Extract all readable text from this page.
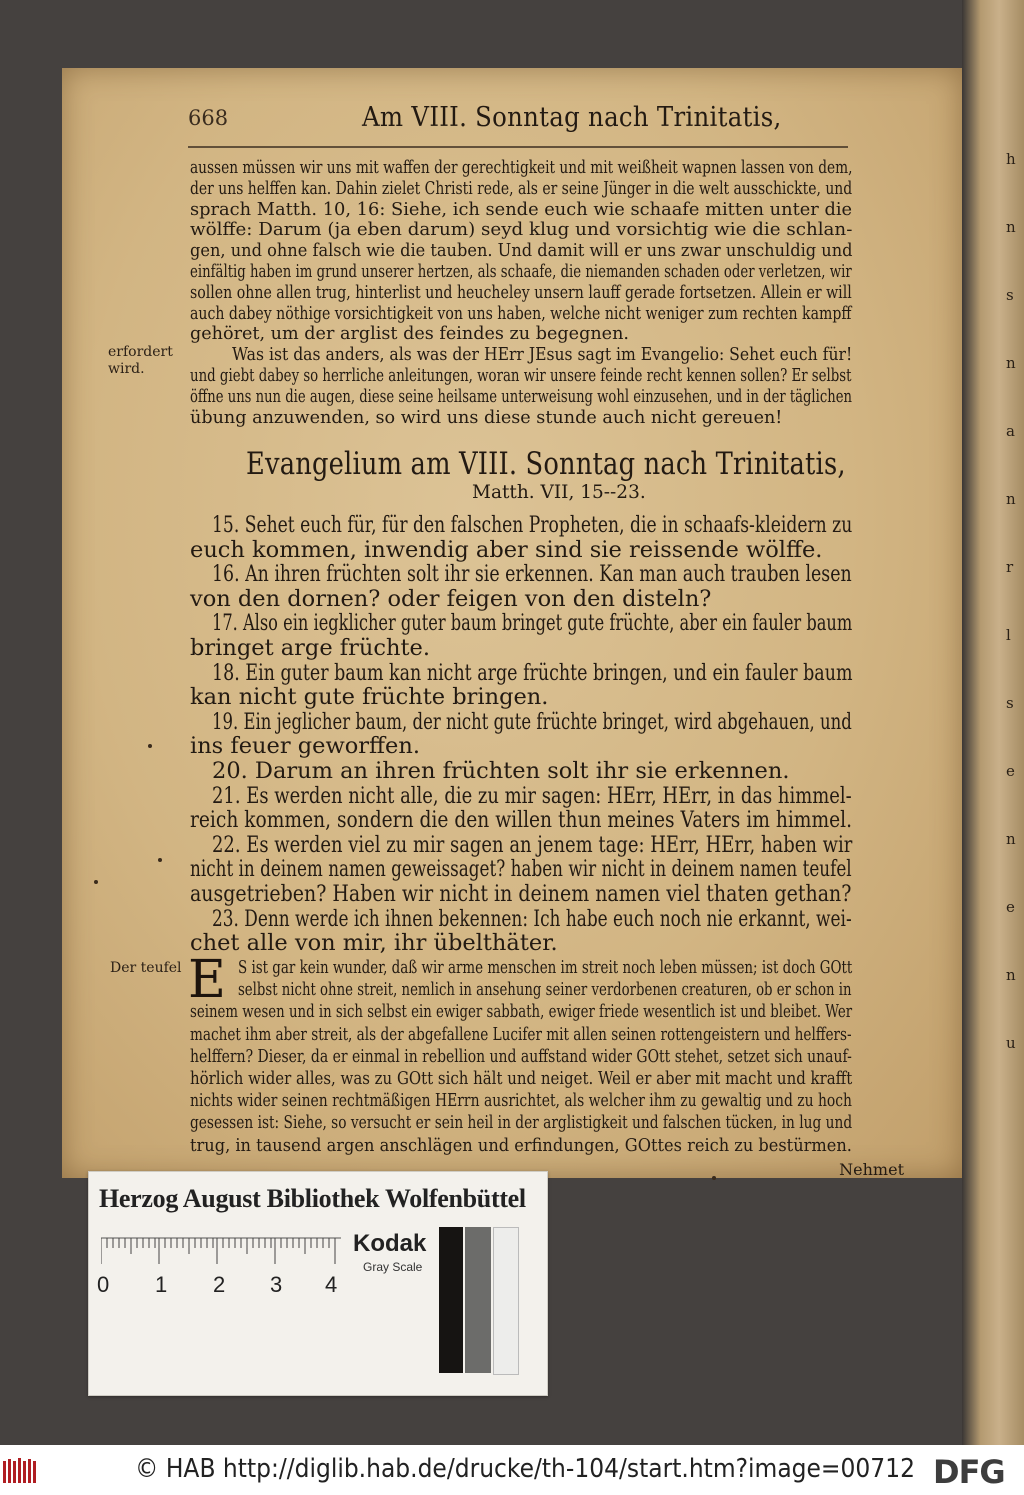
h
n
s
n
a
n
r
l
s
e
n
e
n
u
668	Am VIII. Sonntag nach Trinitatis,
erfordert
wird.
Evangelium am VIII. Sonntag nach Trinitatis,
Matth. VII, 15--23.
Der teufel E
Nehmet
aussen müssen wir uns mit waffen der gerechtigkeit und mit weißheit wapnen lassen von dem,
der uns helffen kan. Dahin zielet Christi rede, als er seine Jünger in die welt ausschickte, und
sprach Matth. 10, 16: Siehe, ich sende euch wie schaafe mitten unter die
wölffe: Darum (ja eben darum) seyd klug und vorsichtig wie die schlan-
gen, und ohne falsch wie die tauben. Und damit will er uns zwar unschuldig und
einfältig haben im grund unserer hertzen, als schaafe, die niemanden schaden oder verletzen, wir
sollen ohne allen trug, hinterlist und heucheley unsern lauff gerade fortsetzen. Allein er will
auch dabey nöthige vorsichtigkeit von uns haben, welche nicht weniger zum rechten kampff
gehöret, um der arglist des feindes zu begegnen.
Was ist das anders, als was der HErr JEsus sagt im Evangelio: Sehet euch für!
und giebt dabey so herrliche anleitungen, woran wir unsere feinde recht kennen sollen? Er selbst
öffne uns nun die augen, diese seine heilsame unterweisung wohl einzusehen, und in der täglichen
übung anzuwenden, so wird uns diese stunde auch nicht gereuen!
15. Sehet euch für, für den falschen Propheten, die in schaafs-kleidern zu
euch kommen, inwendig aber sind sie reissende wölffe.
16. An ihren früchten solt ihr sie erkennen. Kan man auch trauben lesen
von den dornen? oder feigen von den disteln?
17. Also ein iegklicher guter baum bringet gute früchte, aber ein fauler baum
bringet arge früchte.
18. Ein guter baum kan nicht arge früchte bringen, und ein fauler baum
kan nicht gute früchte bringen.
19. Ein jeglicher baum, der nicht gute früchte bringet, wird abgehauen, und
ins feuer geworffen.
20. Darum an ihren früchten solt ihr sie erkennen.
21. Es werden nicht alle, die zu mir sagen: HErr, HErr, in das himmel-
reich kommen, sondern die den willen thun meines Vaters im himmel.
22. Es werden viel zu mir sagen an jenem tage: HErr, HErr, haben wir
nicht in deinem namen geweissaget? haben wir nicht in deinem namen teufel
ausgetrieben? Haben wir nicht in deinem namen viel thaten gethan?
23. Denn werde ich ihnen bekennen: Ich habe euch noch nie erkannt, wei-
chet alle von mir, ihr übelthäter.
S ist gar kein wunder, daß wir arme menschen im streit noch leben müssen; ist doch GOtt
selbst nicht ohne streit, nemlich in ansehung seiner verdorbenen creaturen, ob er schon in
seinem wesen und in sich selbst ein ewiger sabbath, ewiger friede wesentlich ist und bleibet. Wer
machet ihm aber streit, als der abgefallene Lucifer mit allen seinen rottengeistern und helffers-
helffern? Dieser, da er einmal in rebellion und auffstand wider GOtt stehet, setzet sich unauf-
hörlich wider alles, was zu GOtt sich hält und neiget. Weil er aber mit macht und krafft
nichts wider seinen rechtmäßigen HErrn ausrichtet, als welcher ihm zu gewaltig und zu hoch
gesessen ist: Siehe, so versucht er sein heil in der arglistigkeit und falschen tücken, in lug und
trug, in tausend argen anschlägen und erfindungen, GOttes reich zu bestürmen.
Herzog August Bibliothek Wolfenbüttel
0 1 2 3 4
Kodak
Gray Scale
© HAB http://diglib.hab.de/drucke/th-104/start.htm?image=00712 DFG
